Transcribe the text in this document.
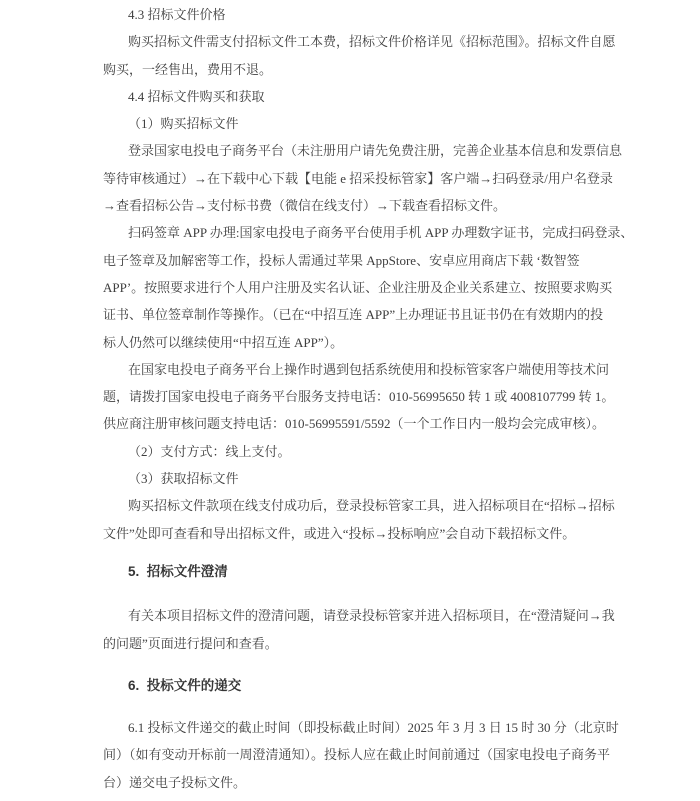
4.3 招标文件价格
购买招标文件需支付招标文件工本费，招标文件价格详见《招标范围》。招标文件自愿
购买，一经售出，费用不退。
4.4 招标文件购买和获取
（1）购买招标文件
登录国家电投电子商务平台（未注册用户请先免费注册，完善企业基本信息和发票信息
等待审核通过）→在下载中心下载【电能 e 招采投标管家】客户端→扫码登录/用户名登录
→查看招标公告→支付标书费（微信在线支付）→下载查看招标文件。
扫码签章 APP 办理:国家电投电子商务平台使用手机 APP 办理数字证书，完成扫码登录、
电子签章及加解密等工作，投标人需通过苹果 AppStore、安卓应用商店下载 ‘数智签
APP’。按照要求进行个人用户注册及实名认证、企业注册及企业关系建立、按照要求购买
证书、单位签章制作等操作。（已在“中招互连 APP”上办理证书且证书仍在有效期内的投
标人仍然可以继续使用“中招互连 APP”）。
在国家电投电子商务平台上操作时遇到包括系统使用和投标管家客户端使用等技术问
题，请拨打国家电投电子商务平台服务支持电话：010-56995650 转 1 或 4008107799 转 1。
供应商注册审核问题支持电话：010-56995591/5592（一个工作日内一般均会完成审核）。
（2）支付方式：线上支付。
（3）获取招标文件
购买招标文件款项在线支付成功后，登录投标管家工具，进入招标项目在“招标→招标
文件”处即可查看和导出招标文件，或进入“投标→投标响应”会自动下载招标文件。
5.  招标文件澄清
有关本项目招标文件的澄清问题，请登录投标管家并进入招标项目，在“澄清疑问→我
的问题”页面进行提问和查看。
6.  投标文件的递交
6.1 投标文件递交的截止时间（即投标截止时间）2025 年 3 月 3 日 15 时 30 分（北京时
间）（如有变动开标前一周澄清通知）。投标人应在截止时间前通过（国家电投电子商务平
台）递交电子投标文件。
